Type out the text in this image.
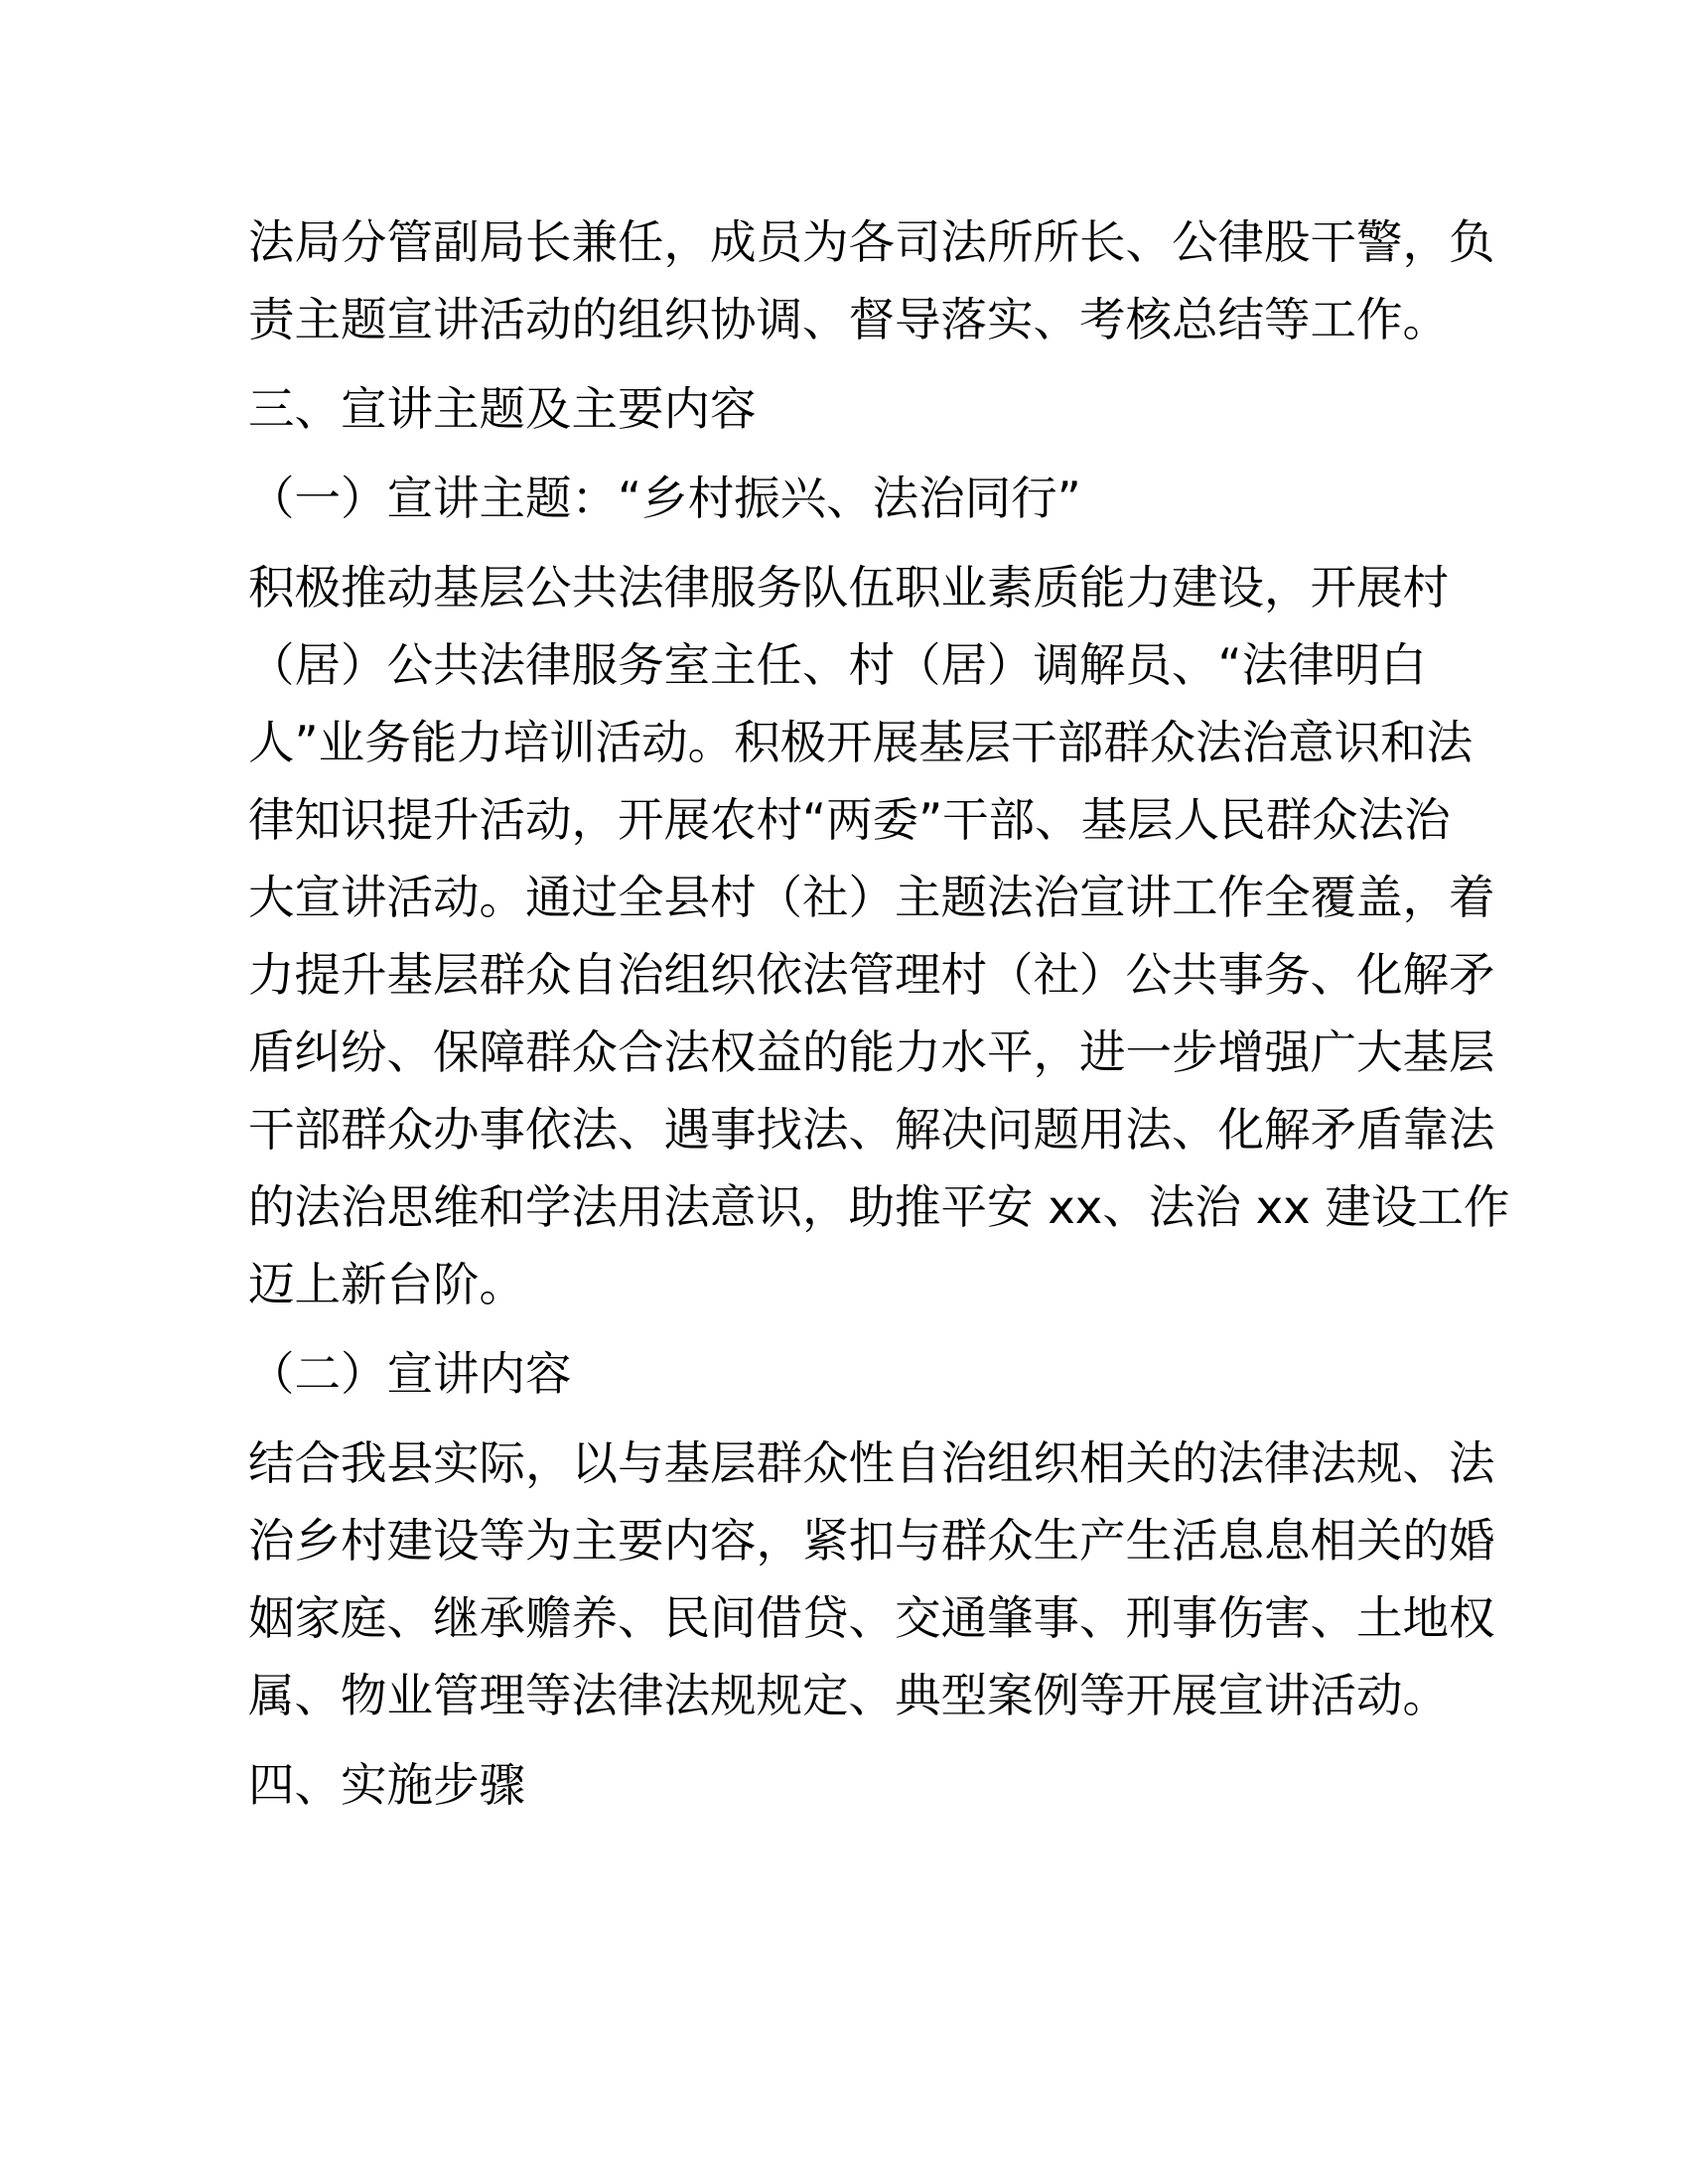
法局分管副局长兼任，成员为各司法所所长、公律股干警，负
责主题宣讲活动的组织协调、督导落实、考核总结等工作。
三、宣讲主题及主要内容
（一）宣讲主题：“乡村振兴、法治同行”
积极推动基层公共法律服务队伍职业素质能力建设，开展村
（居）公共法律服务室主任、村（居）调解员、“法律明白
人”业务能力培训活动。积极开展基层干部群众法治意识和法
律知识提升活动，开展农村“两委”干部、基层人民群众法治
大宣讲活动。通过全县村（社）主题法治宣讲工作全覆盖，着
力提升基层群众自治组织依法管理村（社）公共事务、化解矛
盾纠纷、保障群众合法权益的能力水平，进一步增强广大基层
干部群众办事依法、遇事找法、解决问题用法、化解矛盾靠法
的法治思维和学法用法意识，助推平安 xx、法治 xx 建设工作
迈上新台阶。
（二）宣讲内容
结合我县实际，以与基层群众性自治组织相关的法律法规、法
治乡村建设等为主要内容，紧扣与群众生产生活息息相关的婚
姻家庭、继承赡养、民间借贷、交通肇事、刑事伤害、土地权
属、物业管理等法律法规规定、典型案例等开展宣讲活动。
四、实施步骤
